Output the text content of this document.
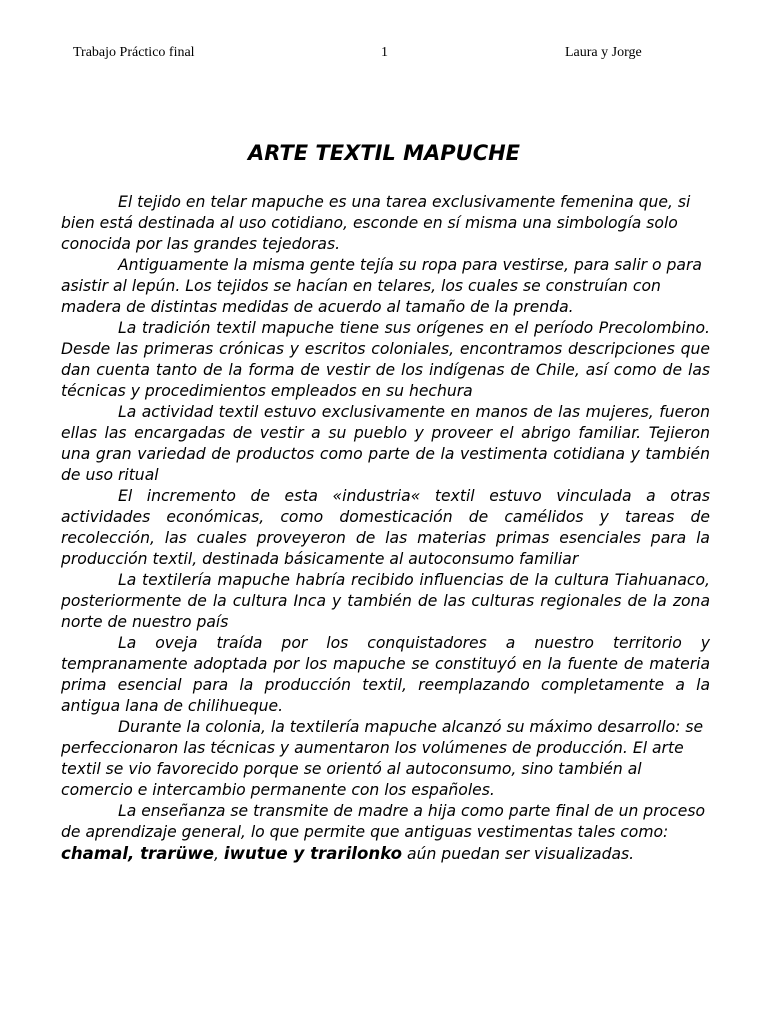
Trabajo Práctico final	1	Laura y Jorge
ARTE TEXTIL MAPUCHE

El tejido en telar mapuche es una tarea exclusivamente femenina que, si bien está destinada al uso cotidiano, esconde en sí misma una simbología solo conocida por las grandes tejedoras.

Antiguamente la misma gente tejía su ropa para vestirse, para salir o para asistir al lepún. Los tejidos se hacían en telares, los cuales se construían con madera de distintas medidas de acuerdo al tamaño de la prenda.

La tradición textil mapuche tiene sus orígenes en el período Precolombino. Desde las primeras crónicas y escritos coloniales, encontramos descripciones que dan cuenta tanto de la forma de vestir de los indígenas de Chile, así como de las técnicas y procedimientos empleados en su hechura

La actividad textil estuvo exclusivamente en manos de las mujeres, fueron ellas las encargadas de vestir a su pueblo y proveer el abrigo familiar. Tejieron una gran variedad de productos como parte de la vestimenta cotidiana y también de uso ritual

El incremento de esta «industria« textil estuvo vinculada a otras actividades económicas, como domesticación de camélidos y tareas de recolección, las cuales proveyeron de las materias primas esenciales para la producción textil, destinada básicamente al autoconsumo familiar

La textilería mapuche habría recibido influencias de la cultura Tiahuanaco, posteriormente de la cultura Inca y también de las culturas regionales de la zona norte de nuestro país

La oveja traída por los conquistadores a nuestro territorio y tempranamente adoptada por los mapuche se constituyó en la fuente de materia prima esencial para la producción textil, reemplazando completamente a la antigua lana de chilihueque.

Durante la colonia, la textilería mapuche alcanzó su máximo desarrollo: se perfeccionaron las técnicas y aumentaron los volúmenes de producción. El arte textil se vio favorecido porque se orientó al autoconsumo, sino también al comercio e intercambio permanente con los españoles.

La enseñanza se transmite de madre a hija como parte final de un proceso de aprendizaje general, lo que permite que antiguas vestimentas tales como: chamal, trarüwe, iwutue y trarilonko aún puedan ser visualizadas.
